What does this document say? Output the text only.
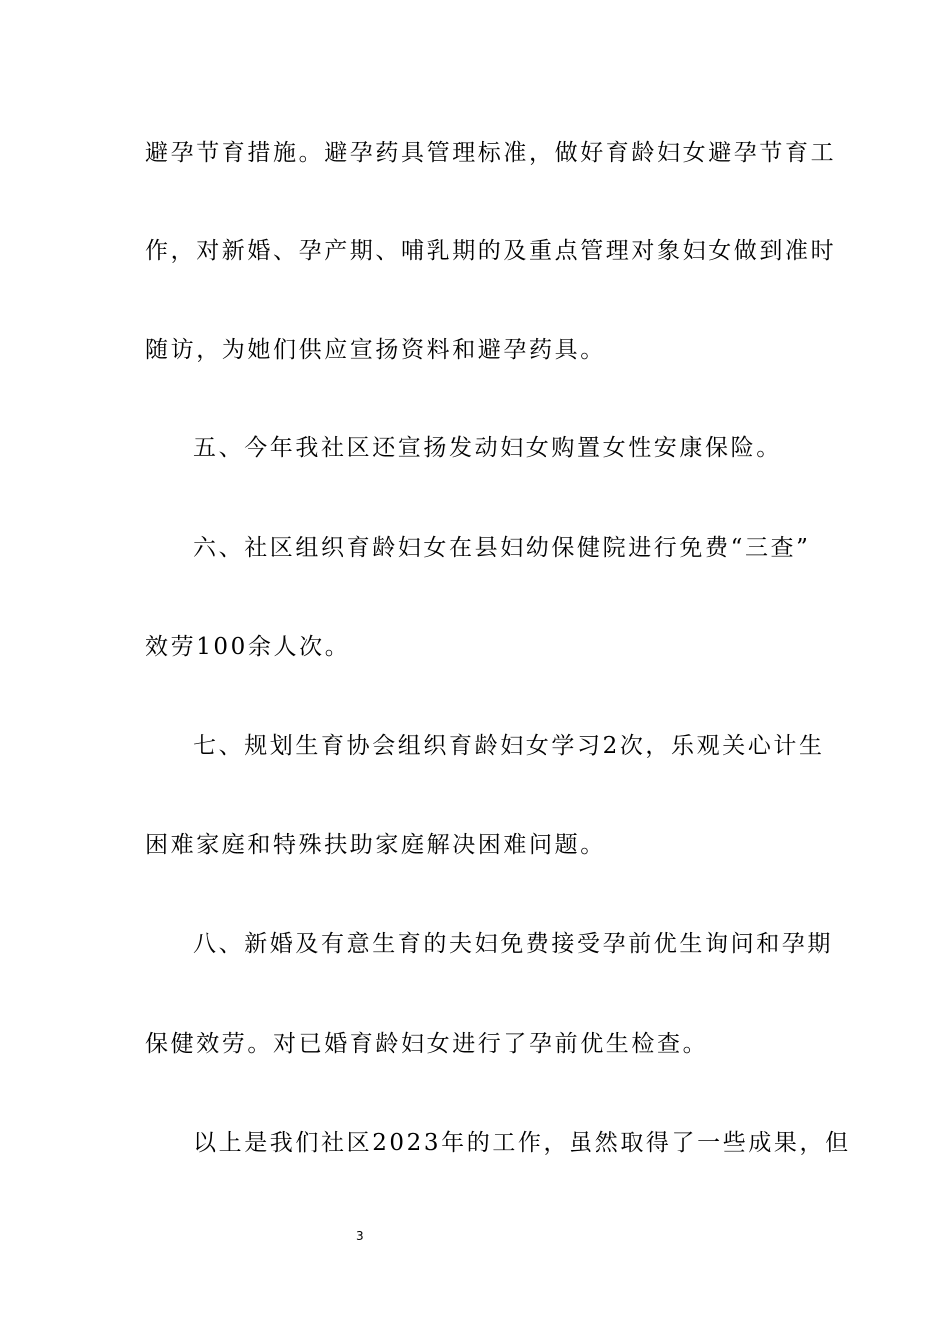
避孕节育措施。避孕药具管理标准，做好育龄妇女避孕节育工
作，对新婚、孕产期、哺乳期的及重点管理对象妇女做到准时
随访，为她们供应宣扬资料和避孕药具。
五、今年我社区还宣扬发动妇女购置女性安康保险。
六、社区组织育龄妇女在县妇幼保健院进行免费“三查”
效劳100余人次。
七、规划生育协会组织育龄妇女学习2次，乐观关心计生
困难家庭和特殊扶助家庭解决困难问题。
八、新婚及有意生育的夫妇免费接受孕前优生询问和孕期
保健效劳。对已婚育龄妇女进行了孕前优生检查。
以上是我们社区2023年的工作，虽然取得了一些成果，但
3
